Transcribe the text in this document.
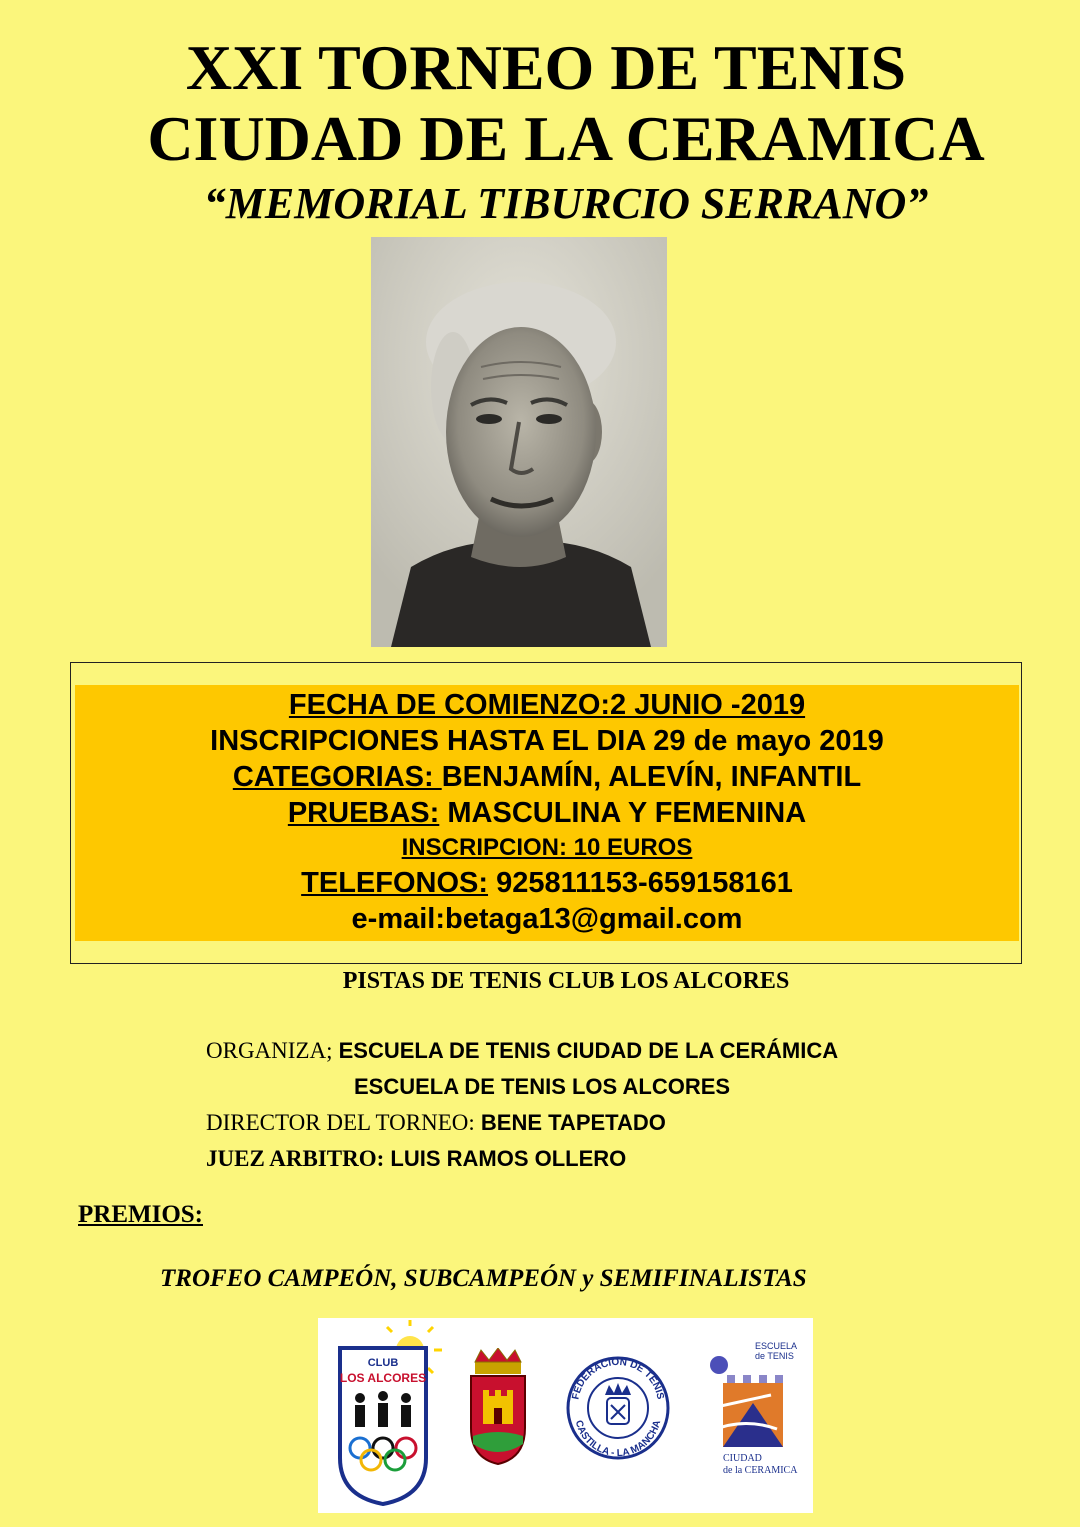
XXI TORNEO DE TENIS
CIUDAD DE LA CERAMICA
“MEMORIAL TIBURCIO SERRANO”
FECHA DE COMIENZO:2 JUNIO -2019
INSCRIPCIONES HASTA EL DIA 29 de mayo 2019
CATEGORIAS: BENJAMÍN, ALEVÍN, INFANTIL
PRUEBAS: MASCULINA Y FEMENINA
INSCRIPCION: 10 EUROS
TELEFONOS: 925811153-659158161
e-mail:betaga13@gmail.com
PISTAS DE TENIS CLUB LOS ALCORES
ORGANIZA; ESCUELA DE TENIS CIUDAD DE LA CERÁMICA
ESCUELA DE TENIS LOS ALCORES
DIRECTOR DEL TORNEO: BENE TAPETADO
JUEZ ARBITRO: LUIS RAMOS OLLERO
PREMIOS:
TROFEO CAMPEÓN, SUBCAMPEÓN y SEMIFINALISTAS
CLUB
LOS ALCORES
FEDERACION DE TENIS
CASTILLA - LA MANCHA
ESCUELA
de TENIS
CIUDAD
de la CERAMICA
